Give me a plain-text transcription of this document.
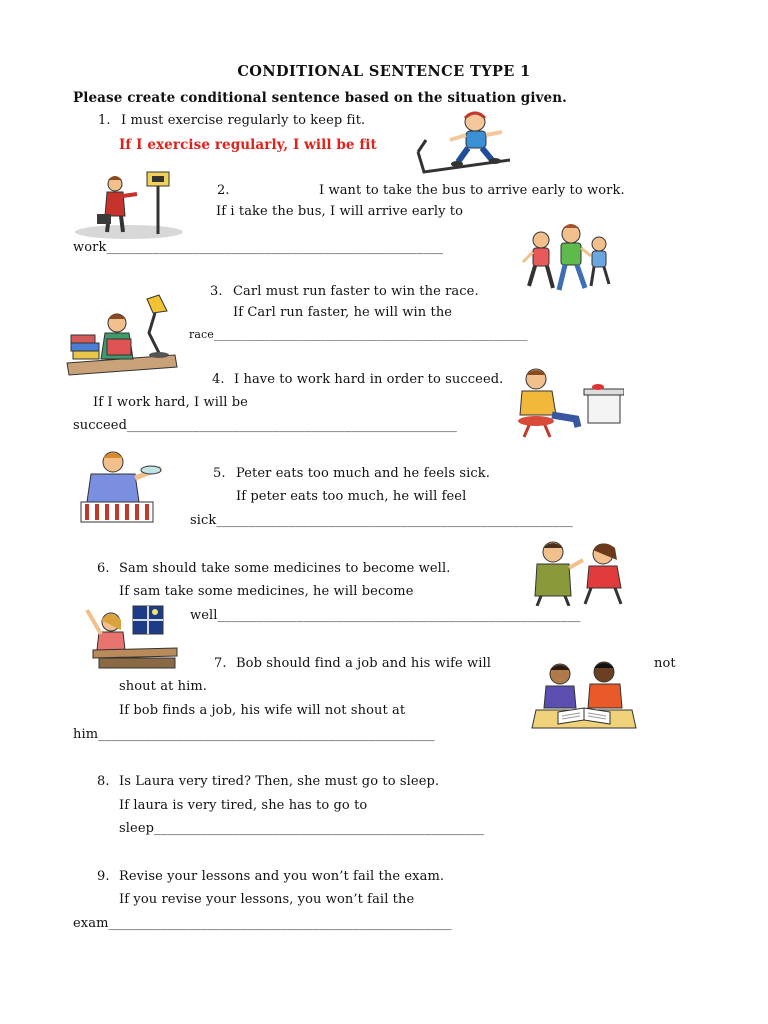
CONDITIONAL SENTENCE TYPE 1
Please create conditional sentence based on the situation given.
1. I must exercise regularly to keep fit.
If I exercise regularly, I will be fit
2.	I want to take the bus to arrive early to work.
If i take the bus, I will arrive early to
work___________________________________________________
3. Carl must run faster to win the race.
If Carl run faster, he will win the
race________________________________________________________
4. I have to work hard in order to succeed.
If I work hard, I will be
succeed__________________________________________________
5. Peter eats too much and he feels sick.
If peter eats too much, he will feel
sick______________________________________________________
6. Sam should take some medicines to become well.
If sam take some medicines, he will become
well_______________________________________________________
7. Bob should find a job and his wife will	not
shout at him.
If bob finds a job, his wife will not shout at
him___________________________________________________
8. Is Laura very tired? Then, she must go to sleep.
If laura is very tired, she has to go to
sleep__________________________________________________
9. Revise your lessons and you won’t fail the exam.
If you revise your lessons, you won’t fail the
exam____________________________________________________
